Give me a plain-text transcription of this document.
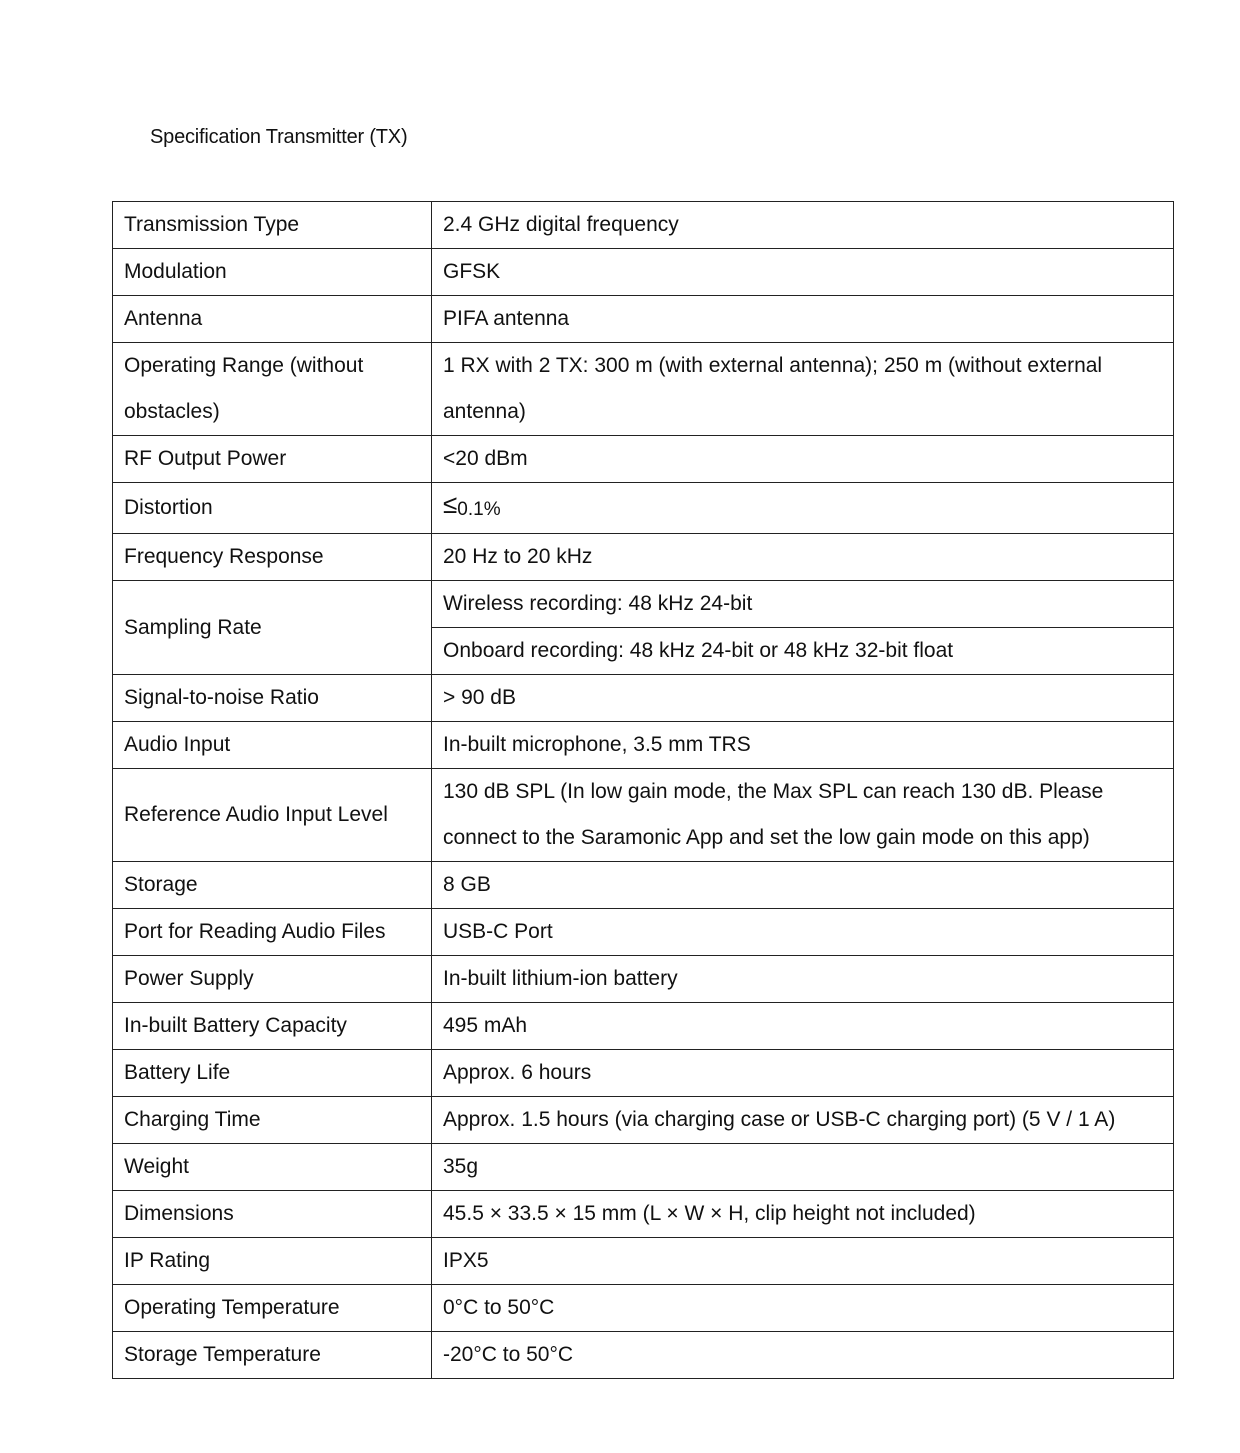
Specification Transmitter (TX)
Transmission Type	2.4 GHz digital frequency
Modulation	GFSK
Antenna	PIFA antenna
Operating Range (without obstacles)	1 RX with 2 TX: 300 m (with external antenna); 250 m (without external antenna)
RF Output Power	<20 dBm
Distortion	≤0.1%
Frequency Response	20 Hz to 20 kHz
Sampling Rate	Wireless recording: 48 kHz 24-bit
	Onboard recording: 48 kHz 24-bit or 48 kHz 32-bit float
Signal-to-noise Ratio	> 90 dB
Audio Input	In-built microphone, 3.5 mm TRS
Reference Audio Input Level	130 dB SPL (In low gain mode, the Max SPL can reach 130 dB. Please connect to the Saramonic App and set the low gain mode on this app)
Storage	8 GB
Port for Reading Audio Files	USB-C Port
Power Supply	In-built lithium-ion battery
In-built Battery Capacity	495 mAh
Battery Life	Approx. 6 hours
Charging Time	Approx. 1.5 hours (via charging case or USB-C charging port) (5 V / 1 A)
Weight	35g
Dimensions	45.5 × 33.5 × 15 mm (L × W × H, clip height not included)
IP Rating	IPX5
Operating Temperature	0°C to 50°C
Storage Temperature	-20°C to 50°C
